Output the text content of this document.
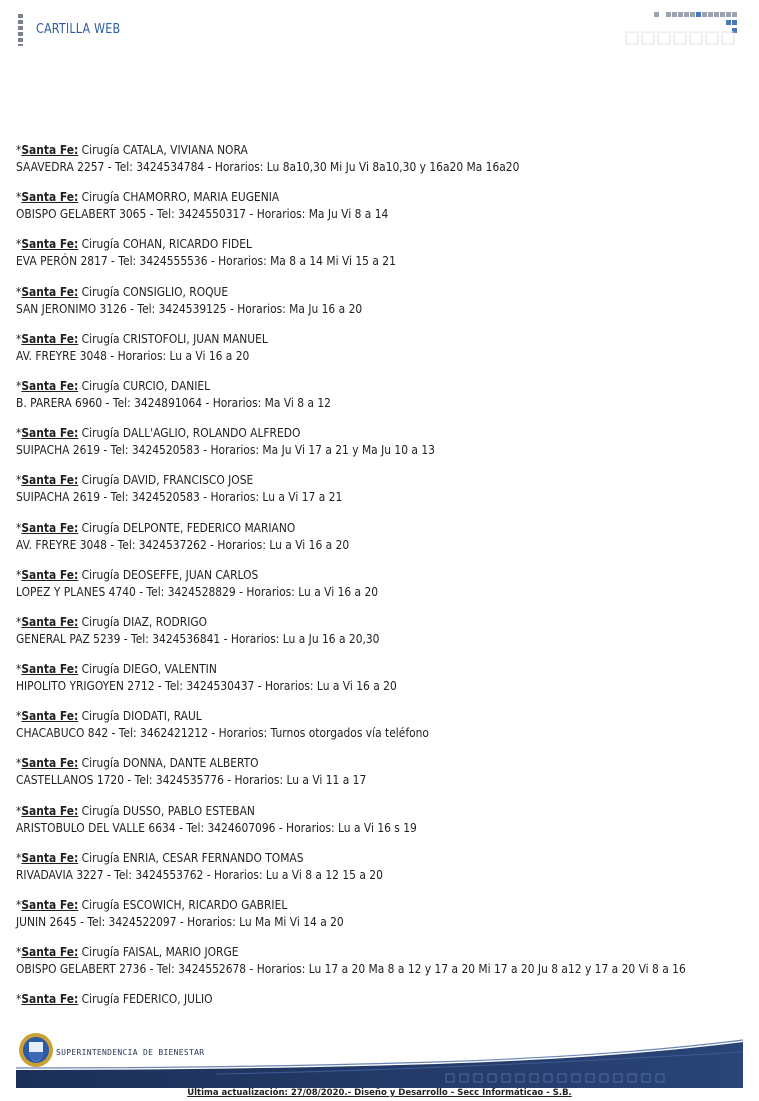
CARTILLA WEB
*Santa Fe: Cirugía CATALA, VIVIANA NORA
SAAVEDRA 2257 - Tel: 3424534784 - Horarios: Lu 8a10,30 Mi Ju Vi 8a10,30 y 16a20 Ma 16a20
*Santa Fe: Cirugía CHAMORRO, MARIA EUGENIA
OBISPO GELABERT 3065 - Tel: 3424550317 - Horarios: Ma Ju Vi 8 a 14
*Santa Fe: Cirugía COHAN, RICARDO FIDEL
EVA PERÓN 2817 - Tel: 3424555536 - Horarios: Ma 8 a 14 Mi Vi 15 a 21
*Santa Fe: Cirugía CONSIGLIO, ROQUE
SAN JERONIMO 3126 - Tel: 3424539125 - Horarios: Ma Ju 16 a 20
*Santa Fe: Cirugía CRISTOFOLI, JUAN MANUEL
AV. FREYRE 3048 - Horarios: Lu a Vi 16 a 20
*Santa Fe: Cirugía CURCIO, DANIEL
B. PARERA 6960 - Tel: 3424891064 - Horarios: Ma Vi 8 a 12
*Santa Fe: Cirugía DALL'AGLIO, ROLANDO ALFREDO
SUIPACHA 2619 - Tel: 3424520583 - Horarios: Ma Ju Vi 17 a 21 y Ma Ju 10 a 13
*Santa Fe: Cirugía DAVID, FRANCISCO JOSE
SUIPACHA 2619 - Tel: 3424520583 - Horarios: Lu a Vi 17 a 21
*Santa Fe: Cirugía DELPONTE, FEDERICO MARIANO
AV. FREYRE 3048 - Tel: 3424537262 - Horarios: Lu a Vi 16 a 20
*Santa Fe: Cirugía DEOSEFFE, JUAN CARLOS
LOPEZ Y PLANES 4740 - Tel: 3424528829 - Horarios: Lu a Vi 16 a 20
*Santa Fe: Cirugía DIAZ, RODRIGO
GENERAL PAZ 5239 - Tel: 3424536841 - Horarios: Lu a Ju 16 a 20,30
*Santa Fe: Cirugía DIEGO, VALENTIN
HIPOLITO YRIGOYEN 2712 - Tel: 3424530437 - Horarios: Lu a Vi 16 a 20
*Santa Fe: Cirugía DIODATI, RAUL
CHACABUCO 842 - Tel: 3462421212 - Horarios: Turnos otorgados vía teléfono
*Santa Fe: Cirugía DONNA, DANTE ALBERTO
CASTELLANOS 1720 - Tel: 3424535776 - Horarios: Lu a Vi 11 a 17
*Santa Fe: Cirugía DUSSO, PABLO ESTEBAN
ARISTOBULO DEL VALLE 6634 - Tel: 3424607096 - Horarios: Lu a Vi 16 s 19
*Santa Fe: Cirugía ENRIA, CESAR FERNANDO TOMAS
RIVADAVIA 3227 - Tel: 3424553762 - Horarios: Lu a Vi 8 a 12 15 a 20
*Santa Fe: Cirugía ESCOWICH, RICARDO GABRIEL
JUNIN 2645 - Tel: 3424522097 - Horarios: Lu Ma Mi Vi 14 a 20
*Santa Fe: Cirugía FAISAL, MARIO JORGE
OBISPO GELABERT 2736 - Tel: 3424552678 - Horarios: Lu 17 a 20 Ma 8 a 12 y 17 a 20 Mi 17 a 20 Ju 8 a12 y 17 a 20 Vi 8 a 16
*Santa Fe: Cirugía FEDERICO, JULIO
SUPERINTENDENCIA DE BIENESTAR
Última actualización: 27/08/2020.- Diseño y Desarrollo - Secc Informáticao - S.B.
